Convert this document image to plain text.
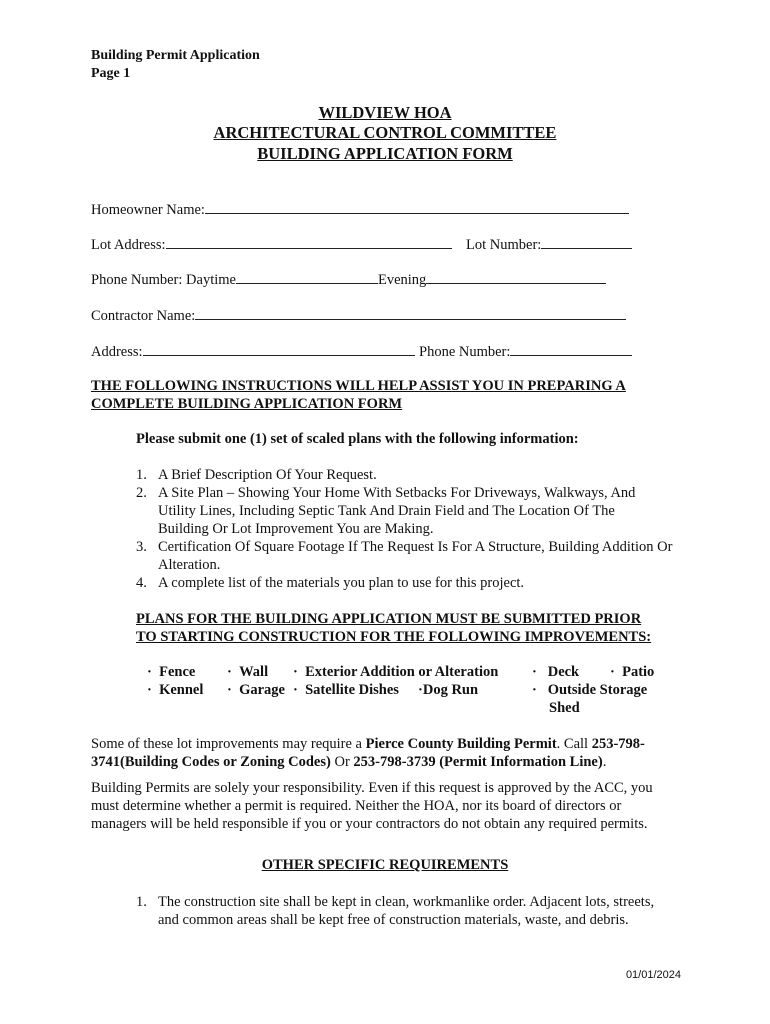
Building Permit Application
Page 1
WILDVIEW HOA
ARCHITECTURAL CONTROL COMMITTEE
BUILDING APPLICATION FORM
Homeowner Name:
Lot Address:	Lot Number:
Phone Number: Daytime	Evening
Contractor Name:
Address:	Phone Number:
THE FOLLOWING INSTRUCTIONS WILL HELP ASSIST YOU IN PREPARING A
COMPLETE BUILDING APPLICATION FORM
Please submit one (1) set of scaled plans with the following information:
1. A Brief Description Of Your Request.
2. A Site Plan – Showing Your Home With Setbacks For Driveways, Walkways, And Utility Lines, Including Septic Tank And Drain Field and The Location Of The Building Or Lot Improvement You are Making.
3. Certification Of Square Footage If The Request Is For A Structure, Building Addition Or Alteration.
4. A complete list of the materials you plan to use for this project.
PLANS FOR THE BUILDING APPLICATION MUST BE SUBMITTED PRIOR
TO STARTING CONSTRUCTION FOR THE FOLLOWING IMPROVEMENTS:
· Fence · Wall · Exterior Addition or Alteration · Deck · Patio
· Kennel · Garage · Satellite Dishes ·Dog Run	· Outside Storage
Shed
Some of these lot improvements may require a Pierce County Building Permit. Call 253-798-
3741(Building Codes or Zoning Codes) Or 253-798-3739 (Permit Information Line).
Building Permits are solely your responsibility. Even if this request is approved by the ACC, you
must determine whether a permit is required. Neither the HOA, nor its board of directors or
managers will be held responsible if you or your contractors do not obtain any required permits.
OTHER SPECIFIC REQUIREMENTS
1. The construction site shall be kept in clean, workmanlike order. Adjacent lots, streets, and common areas shall be kept free of construction materials, waste, and debris.
01/01/2024
